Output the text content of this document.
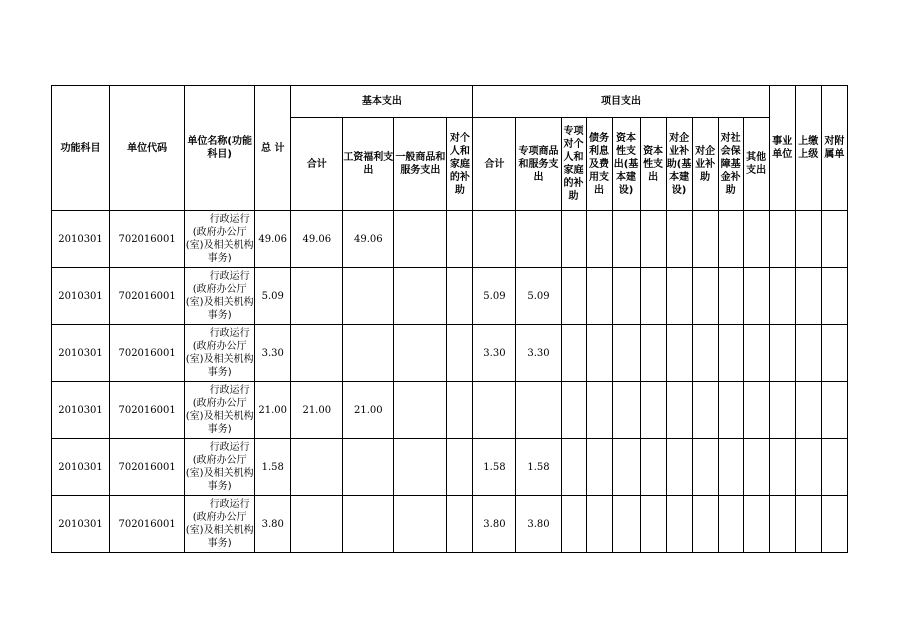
功能科目	单位代码	单位名称(功能科目)	总 计	基本支出				项目支出										事业单位	上缴上级	对附属单

				合计	工资福利支出	一般商品和服务支出	对个人和家庭的补助	合计	专项商品和服务支出	专项对个人和家庭的补助	债务利息及费用支出	资本性支出(基本建设)	资本性支出	对企业补助(基本建设)	对企业补助	对社会保障基金补助	其他支出			
2010301	702016001	行政运行(政府办公厅(室)及相关机构事务)	49.06	49.06	49.06															
2010301	702016001	行政运行(政府办公厅(室)及相关机构事务)	5.09					5.09	5.09											
2010301	702016001	行政运行(政府办公厅(室)及相关机构事务)	3.30					3.30	3.30											
2010301	702016001	行政运行(政府办公厅(室)及相关机构事务)	21.00	21.00	21.00															
2010301	702016001	行政运行(政府办公厅(室)及相关机构事务)	1.58					1.58	1.58											
2010301	702016001	行政运行(政府办公厅(室)及相关机构事务)	3.80					3.80	3.80											
